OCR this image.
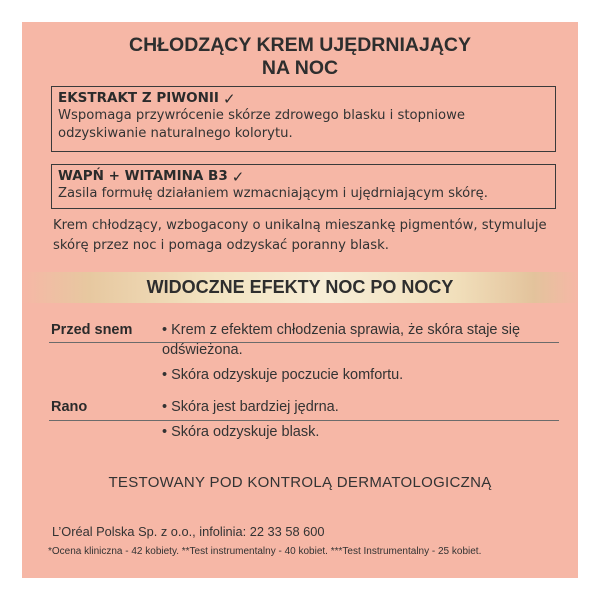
CHŁODZĄCY KREM UJĘDRNIAJĄCY
NA NOC
EKSTRAKT Z PIWONII ✓
Wspomaga przywrócenie skórze zdrowego blasku i stopniowe odzyskiwanie naturalnego kolorytu.
WAPŃ + WITAMINA B3 ✓
Zasila formułę działaniem wzmacniającym i ujędrniającym skórę.
Krem chłodzący, wzbogacony o unikalną mieszankę pigmentów, stymuluje skórę przez noc i pomaga odzyskać poranny blask.
WIDOCZNE EFEKTY NOC PO NOCY
Przed snem • Krem z efektem chłodzenia sprawia, że skóra staje się odświeżona.
• Skóra odzyskuje poczucie komfortu.
Rano	• Skóra jest bardziej jędrna.
• Skóra odzyskuje blask.
TESTOWANY POD KONTROLĄ DERMATOLOGICZNĄ
L’Oréal Polska Sp. z o.o., infolinia: 22 33 58 600
*Ocena kliniczna - 42 kobiety. **Test instrumentalny - 40 kobiet. ***Test Instrumentalny - 25 kobiet.
